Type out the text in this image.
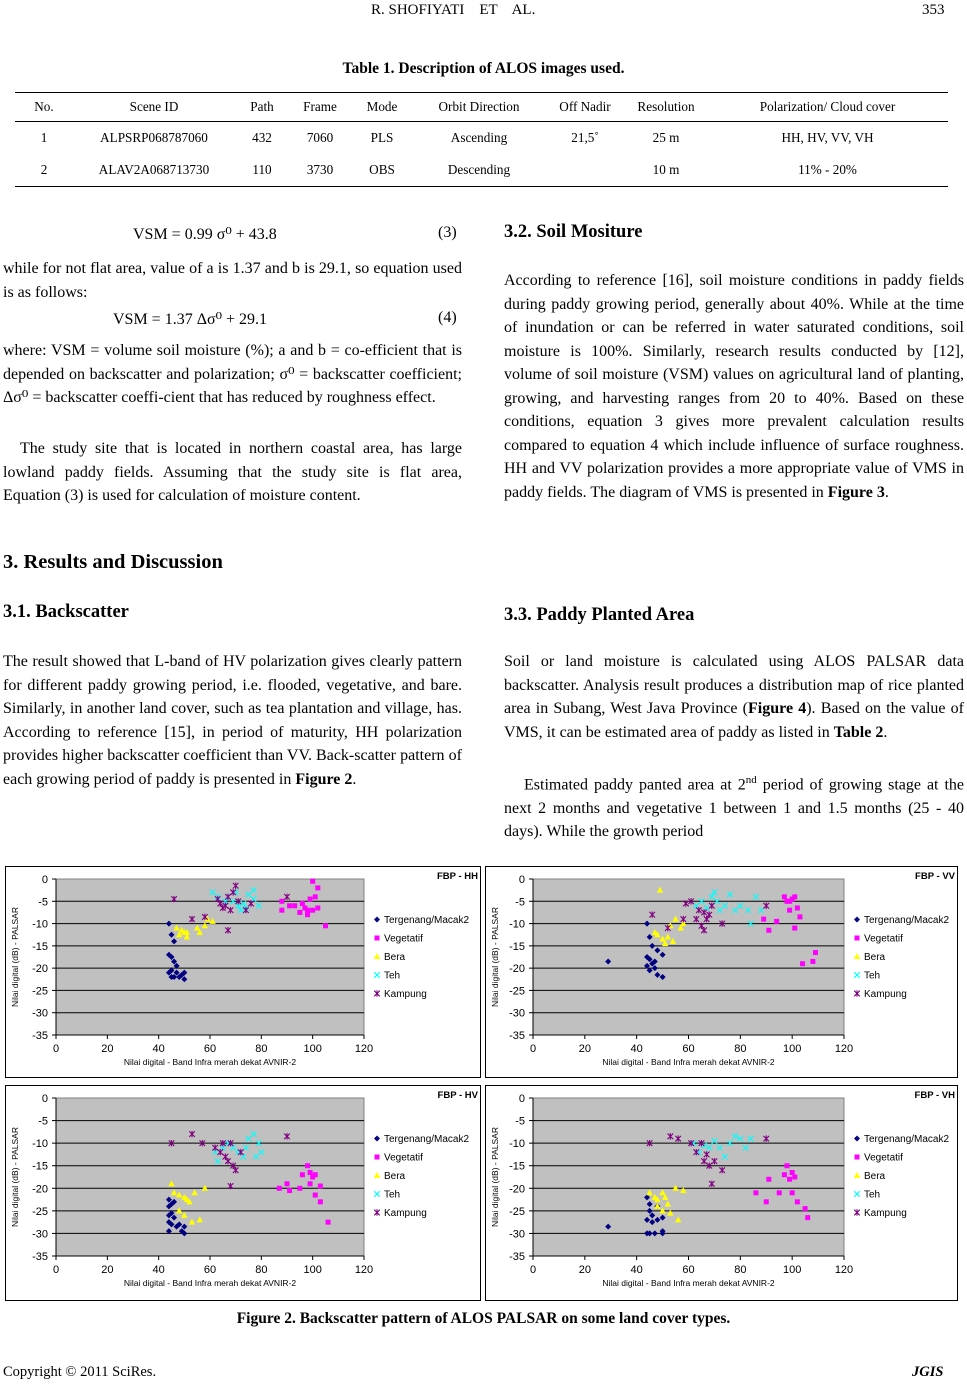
R. SHOFIYATI    ET    AL.	353
Table 1. Description of ALOS images used.
No.	Scene ID	Path	Frame	Mode	Orbit Direction	Off Nadir	Resolution	Polarization/ Cloud cover
1	ALPSRP068787060	432	7060	PLS	Ascending	21,5˚	25 m	HH, HV, VV, VH
2	ALAV2A068713730	110	3730	OBS	Descending		10 m	11% - 20%
VSM = 0.99 σ⁰ + 43.8	(3)
while for not flat area, value of a is 1.37 and b is 29.1, so equation used is as follows:
VSM = 1.37 Δσ⁰ + 29.1	(4)
where: VSM = volume soil moisture (%); a and b = co-efficient that is depended on backscatter and polarization; σ⁰ = backscatter coefficient; Δσ⁰ = backscatter coeffi-cient that has reduced by roughness effect.
The study site that is located in northern coastal area, has large lowland paddy fields. Assuming that the study site is flat area, Equation (3) is used for calculation of moisture content.
3. Results and Discussion
3.1. Backscatter
The result showed that L-band of HV polarization gives clearly pattern for different paddy growing period, i.e. flooded, vegetative, and bare. Similarly, in another land cover, such as tea plantation and village, has. According to reference [15], in period of maturity, HH polarization provides higher backscatter coefficient than VV. Back-scatter pattern of each growing period of paddy is presented in Figure 2.
3.2. Soil Mositure
According to reference [16], soil moisture conditions in paddy fields during paddy growing period, generally about 40%. While at the time of inundation or can be referred in water saturated conditions, soil moisture is 100%. Similarly, research results conducted by [12], volume of soil moisture (VSM) values on agricultural land of planting, growing, and harvesting ranges from 20 to 40%. Based on these conditions, equation 3 gives more prevalent calculation results compared to equation 4 which include influence of surface roughness. HH and VV polarization provides a more appropriate value of VMS in paddy fields. The diagram of VMS is presented in Figure 3.
3.3. Paddy Planted Area
Soil or land moisture is calculated using ALOS PALSAR data backscatter. Analysis result produces a distribution map of rice planted area in Subang, West Java Province (Figure 4). Based on the value of VMS, it can be estimated area of paddy as listed in Table 2.
Estimated paddy panted area at 2nd period of growing stage at the next 2 months and vegetative 1 between 1 and 1.5 months (25 - 40 days). While the growth period
0
-5
-10
-15
-20
-25
-30
-35
0	20	40	60	80	100	120
Nilai digital - Band Infra merah dekat AVNIR-2
Nilai digital (dB) - PALSAR
FBP - HH
Tergenang/Macak2
Vegetatif
Bera
Teh
Kampung
0
-5
-10
-15
-20
-25
-30
-35
0	20	40	60	80	100	120
Nilai digital - Band Infra merah dekat AVNIR-2
Nilai digital (dB) - PALSAR
FBP - VV
Tergenang/Macak2
Vegetatif
Bera
Teh
Kampung
0
-5
-10
-15
-20
-25
-30
-35
0	20	40	60	80	100	120
Nilai digital - Band Infra merah dekat AVNIR-2
Nilai digital (dB) - PALSAR
FBP - HV
Tergenang/Macak2
Vegetatif
Bera
Teh
Kampung
0
-5
-10
-15
-20
-25
-30
-35
0	20	40	60	80	100	120
Nilai digital - Band Infra merah dekat AVNIR-2
Nilai digital (dB) - PALSAR
FBP - VH
Tergenang/Macak2
Vegetatif
Bera
Teh
Kampung
Figure 2. Backscatter pattern of ALOS PALSAR on some land cover types.
Copyright © 2011 SciRes.	JGIS
